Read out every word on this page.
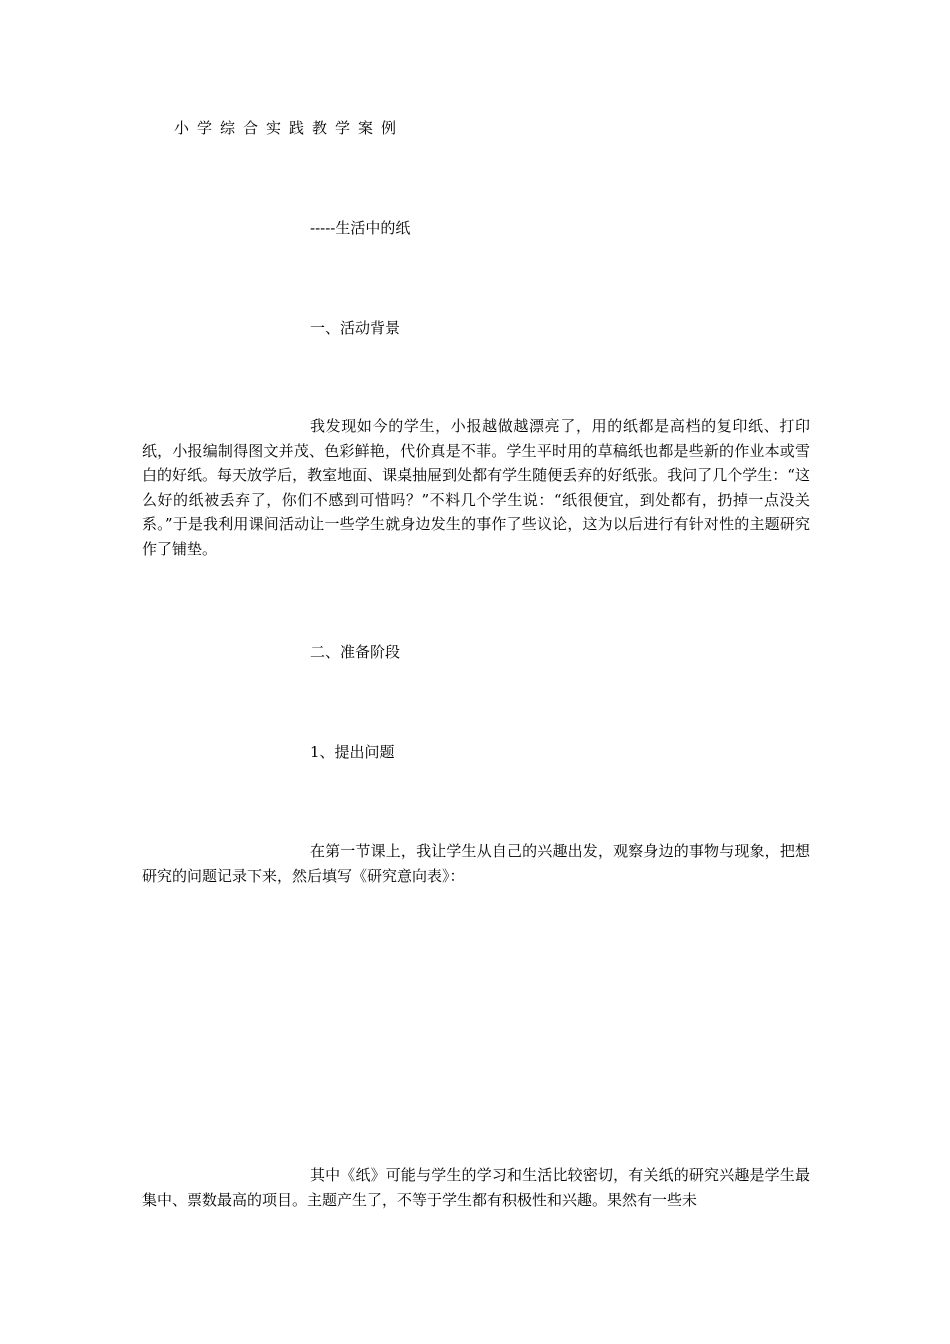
小学综合实践教学案例
-----生活中的纸
一、活动背景
我发现如今的学生，小报越做越漂亮了，用的纸都是高档的复印纸、打印纸，小报编制得图文并茂、色彩鲜艳，代价真是不菲。学生平时用的草稿纸也都是些新的作业本或雪白的好纸。每天放学后，教室地面、课桌抽屉到处都有学生随便丢弃的好纸张。我问了几个学生：“这么好的纸被丢弃了，你们不感到可惜吗？”不料几个学生说：“纸很便宜，到处都有，扔掉一点没关系。”于是我利用课间活动让一些学生就身边发生的事作了些议论，这为以后进行有针对性的主题研究作了铺垫。
二、准备阶段
1、提出问题
在第一节课上，我让学生从自己的兴趣出发，观察身边的事物与现象，把想研究的问题记录下来，然后填写《研究意向表》：
其中《纸》可能与学生的学习和生活比较密切，有关纸的研究兴趣是学生最集中、票数最高的项目。主题产生了，不等于学生都有积极性和兴趣。果然有一些未
